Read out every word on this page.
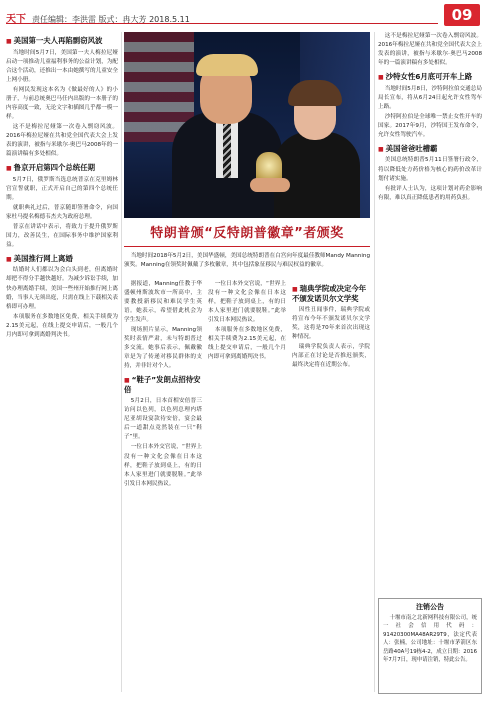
天下 责任编辑：李洪雷 版式：冉大芳 2018.5.11	09
■ 美国第一夫人再陷剽窃风波

当地时间5月7日，美国第一夫人梅拉尼娅启动一项推动儿童福利事务的公益计划，为配合这个活动，还推出一本由她撰写的儿童安全上网小册。

有网民发现这本名为《做最好的人》的小册子，与前总统奥巴马任内出版的一本册子的内容高度一致，无论文字和插图几乎都一模一样。

这不是梅拉尼娅第一次卷入剽窃风波。2016年梅拉尼娅在共和党全国代表大会上发表的演讲，被指与米歇尔·奥巴马2008年的一篇演讲稿有多处相似。

■ 鲁京开启第四个总统任期

5月7日，俄罗斯当选总统普京在克里姆林宫宣誓就职，正式开启自己的第四个总统任期。

就职典礼过后，普京随即签署命令，向国家杜马提名梅德韦杰夫为政府总理。

普京在讲话中表示，将致力于提升俄罗斯国力，改善民生，在国际事务中维护国家利益。

■ 美国推行网上离婚

结婚时人们都以为会白头到老，但离婚时却把不得分手越快越好。为减少诉讼手续，加快办理离婚手续，美国一些州开始推行网上离婚，当事人无须出庭，只需在线上下载相关表格即可办理。

本项服务在多数地区免费，相关手续费为2.15美元起，在线上提交申请后，一般几个月内即可拿到离婚判决书。

特朗普颁“反特朗普徽章”者颁奖

当地时间2018年5月2日，美国华盛顿，美国总统特朗普在白宫向年度最佳教师Mandy Manning颁奖。Manning在领奖时佩戴了多枚徽章，其中包括象征移民与难民权益的徽章。

据报道，Manning任教于华盛顿州斯波坎市一所高中，主要教授新移民和难民学生英语。她表示，希望借此机会为学生发声。

现场照片显示，Manning领奖时表情严肃，未与特朗普过多交流。她事后表示，佩戴徽章是为了传递对移民群体的支持，并非针对个人。

■ “鞋子”发朗点招待安倍

5月2日，日本首相安倍晋三访问以色列，以色列总理内塔尼亚胡设宴款待安倍，宴会最后一道甜点竟然装在一只“鞋子”里。

一位日本外交官说，“世界上没有一种文化会像在日本这样，把鞋子放到桌上，有的日本人家里进门就要脱鞋。”此举引发日本网民热议。

一位日本外交官说，“世界上没有一种文化会像在日本这样，把鞋子放到桌上，有的日本人家里进门就要脱鞋。”此举引发日本网民热议。

本项服务在多数地区免费，相关手续费为2.15美元起，在线上提交申请后，一般几个月内即可拿到离婚判决书。

■ 瑞典学院或决定今年不颁发诺贝尔文学奖

因性丑闻事件，瑞典学院或将宣布今年不颁发诺贝尔文学奖，这将是70年来首次出现这种情况。

瑞典学院负责人表示，学院内部正在讨论是否推迟颁奖，最终决定将在近期公布。

这不是梅拉尼娅第一次卷入剽窃风波。2016年梅拉尼娅在共和党全国代表大会上发表的演讲，被指与米歇尔·奥巴马2008年的一篇演讲稿有多处相似。

■ 沙特女性6月底可开车上路

当地时间5月8日，沙特阿拉伯交通总局局长宣布，将从6月24日起允许女性驾车上路。

沙特阿拉伯是全球唯一禁止女性开车的国家。2017年9月，沙特国王发布命令，允许女性驾驶汽车。

■ 美国爸爸吐槽霸

美国总统特朗普5月11日签署行政令，将以降低处方药价格为核心的药价改革计划付诸实施。

有批评人士认为，这项计划对药企影响有限，难以真正降低患者的用药负担。

注销公告

十堰市南之北新网科技有限公司，统一社会信用代码：91420300MA48AR29T9，法定代表人：张楠，公司地址：十堰市茅箭区东岳路40A号19栋4-2，成立日期：2016年7月7日，现申请注销，特此公告。
